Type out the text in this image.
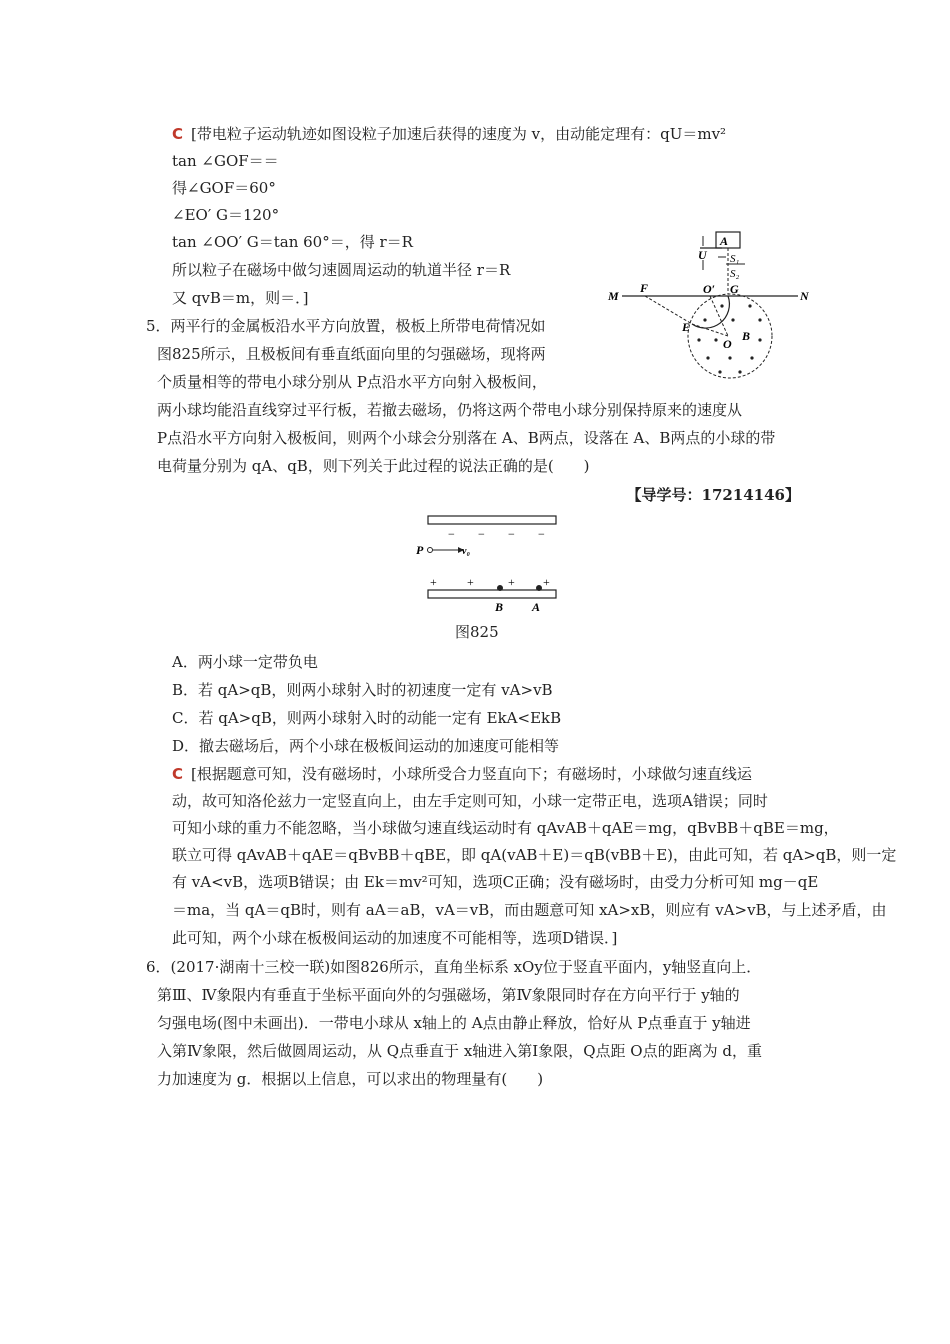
C [带电粒子运动轨迹如图设粒子加速后获得的速度为 v，由动能定理有：qU＝mv²
tan ∠GOF＝＝
得∠GOF＝60°
∠EO′ G＝120°
tan ∠OO′ G＝tan 60°＝，得 r＝R
所以粒子在磁场中做匀速圆周运动的轨道半径 r＝R
又 qvB＝m，则＝．]
A
U S₁
S₂
M
F	O′ G	N
E
O
B
5．两平行的金属板沿水平方向放置，极板上所带电荷情况如
图825所示，且极板间有垂直纸面向里的匀强磁场，现将两
个质量相等的带电小球分别从 P点沿水平方向射入极板间，
两小球均能沿直线穿过平行板，若撤去磁场，仍将这两个带电小球分别保持原来的速度从
P点沿水平方向射入极板间，则两个小球会分别落在 A、B两点，设落在 A、B两点的小球的带
电荷量分别为 qA、qB，则下列关于此过程的说法正确的是(　　)
【导学号：17214146】
− − − −
P	v₀
+	+	+ +
B A
图825
A．两小球一定带负电
B．若 qA>qB，则两小球射入时的初速度一定有 vA>vB
C．若 qA>qB，则两小球射入时的动能一定有 EkA<EkB
D．撤去磁场后，两个小球在极板间运动的加速度可能相等
C [根据题意可知，没有磁场时，小球所受合力竖直向下；有磁场时，小球做匀速直线运
动，故可知洛伦兹力一定竖直向上，由左手定则可知，小球一定带正电，选项A错误；同时
可知小球的重力不能忽略，当小球做匀速直线运动时有 qAvAB＋qAE＝mg，qBvBB＋qBE＝mg，
联立可得 qAvAB＋qAE＝qBvBB＋qBE，即 qA(vAB＋E)＝qB(vBB＋E)，由此可知，若 qA>qB，则一定
有 vA<vB，选项B错误；由 Ek＝mv²可知，选项C正确；没有磁场时，由受力分析可知 mg－qE
＝ma，当 qA＝qB时，则有 aA＝aB，vA＝vB，而由题意可知 xA>xB，则应有 vA>vB，与上述矛盾，由
此可知，两个小球在板极间运动的加速度不可能相等，选项D错误．]
6．(2017·湖南十三校一联)如图826所示，直角坐标系 xOy位于竖直平面内，y轴竖直向上．
第Ⅲ、Ⅳ象限内有垂直于坐标平面向外的匀强磁场，第Ⅳ象限同时存在方向平行于 y轴的
匀强电场(图中未画出)．一带电小球从 x轴上的 A点由静止释放，恰好从 P点垂直于 y轴进
入第Ⅳ象限，然后做圆周运动，从 Q点垂直于 x轴进入第Ⅰ象限，Q点距 O点的距离为 d，重
力加速度为 g．根据以上信息，可以求出的物理量有(　　)
